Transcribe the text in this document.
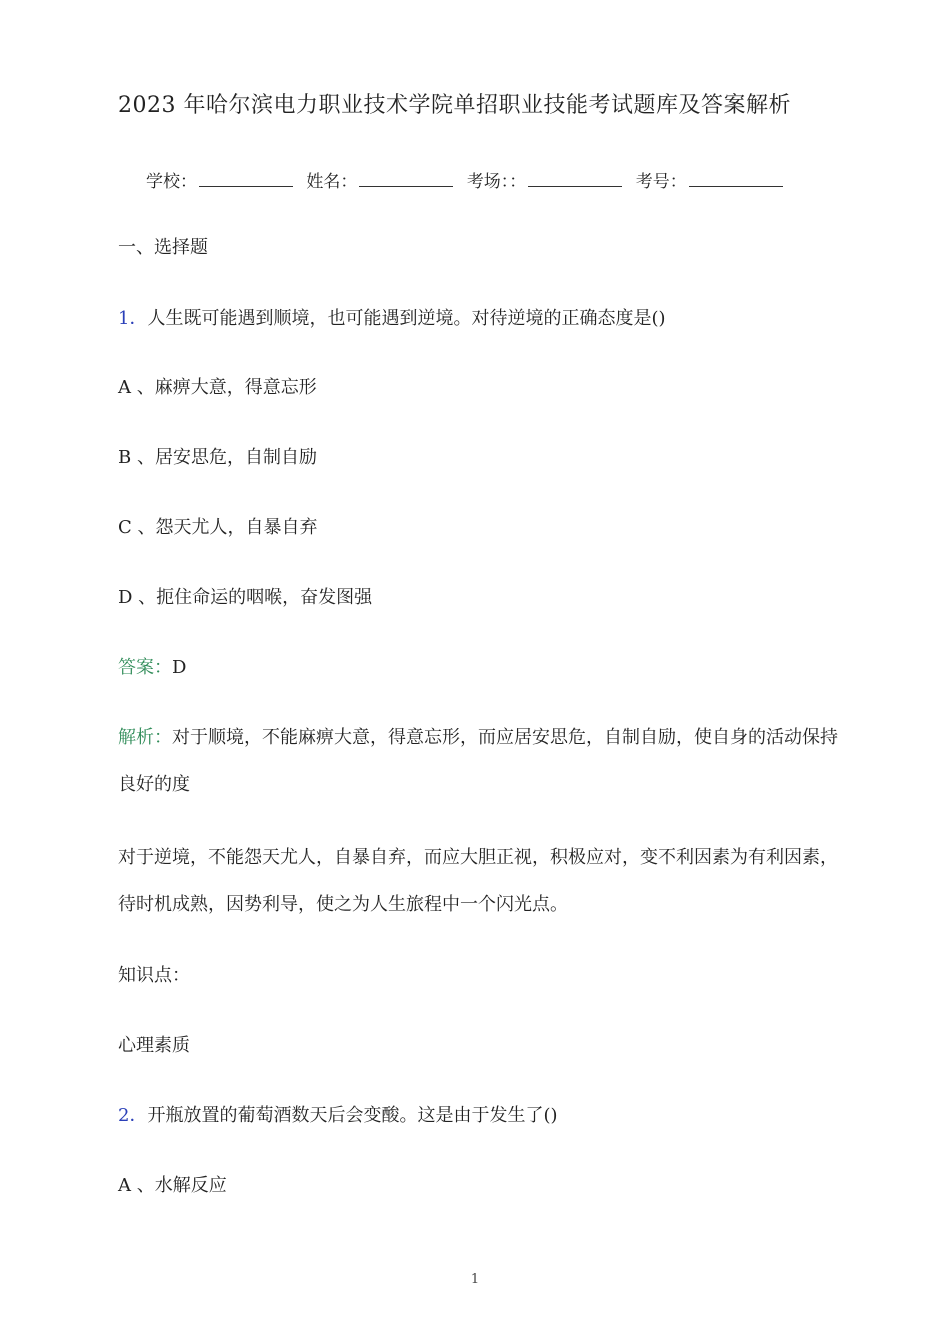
2023 年哈尔滨电力职业技术学院单招职业技能考试题库及答案解析
学校：	姓名：	考场：：	考号：
一、选择题
1．人生既可能遇到顺境，也可能遇到逆境。对待逆境的正确态度是()
A 、麻痹大意，得意忘形
B 、居安思危，自制自励
C 、怨天尤人，自暴自弃
D 、扼住命运的咽喉，奋发图强
答案：D
解析：对于顺境，不能麻痹大意，得意忘形，而应居安思危，自制自励，使自身的活动保持良好的度
对于逆境，不能怨天尤人，自暴自弃，而应大胆正视，积极应对，变不利因素为有利因素，待时机成熟，因势利导，使之为人生旅程中一个闪光点。
知识点：
心理素质
2．开瓶放置的葡萄酒数天后会变酸。这是由于发生了()
A 、水解反应
1
